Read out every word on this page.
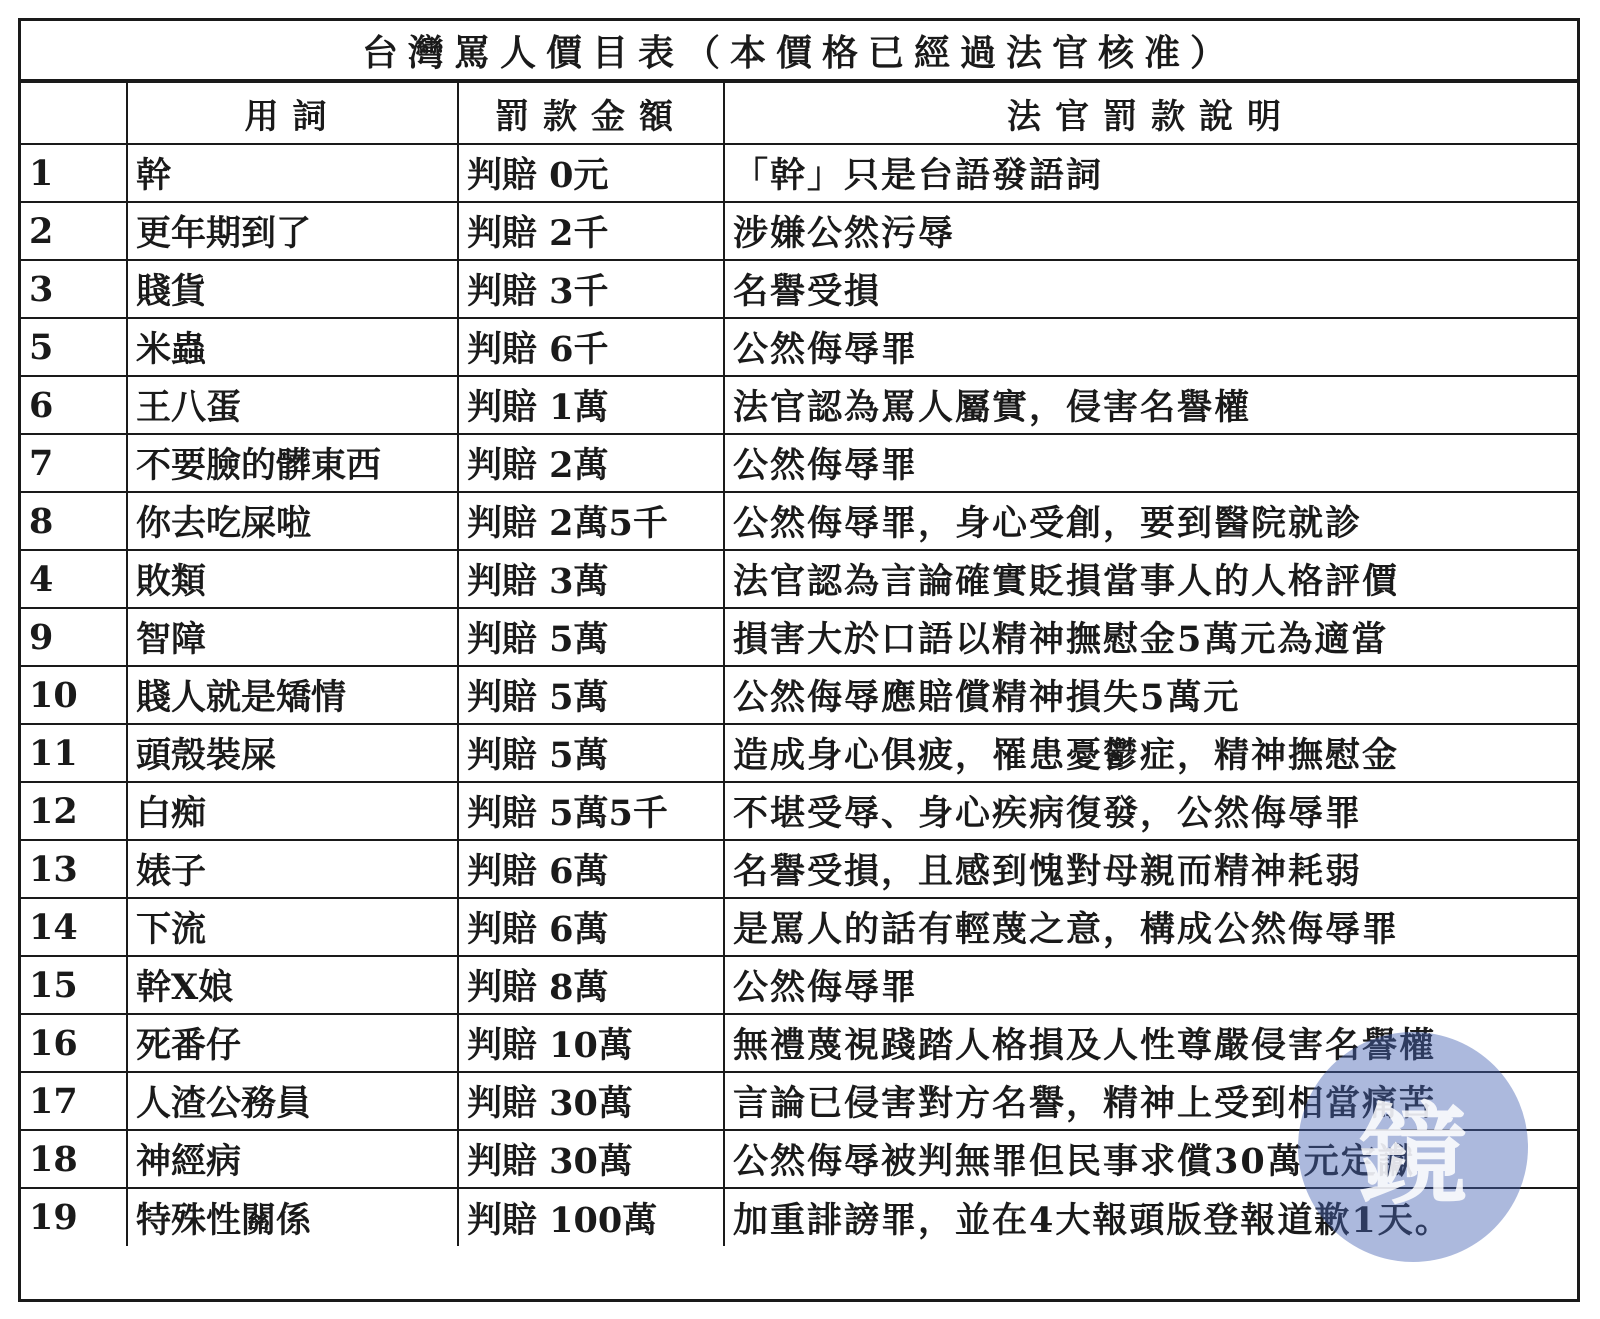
台灣罵人價目表（本價格已經過法官核准）
	用詞	罰款金額	法官罰款說明
1	幹	判賠 0元	「幹」只是台語發語詞
2	更年期到了	判賠 2千	涉嫌公然污辱
3	賤貨	判賠 3千	名譽受損
5	米蟲	判賠 6千	公然侮辱罪
6	王八蛋	判賠 1萬	法官認為罵人屬實，侵害名譽權
7	不要臉的髒東西	判賠 2萬	公然侮辱罪
8	你去吃屎啦	判賠 2萬5千	公然侮辱罪，身心受創，要到醫院就診
4	敗類	判賠 3萬	法官認為言論確實貶損當事人的人格評價
9	智障	判賠 5萬	損害大於口語以精神撫慰金5萬元為適當
10	賤人就是矯情	判賠 5萬	公然侮辱應賠償精神損失5萬元
11	頭殼裝屎	判賠 5萬	造成身心俱疲，罹患憂鬱症，精神撫慰金
12	白痴	判賠 5萬5千	不堪受辱、身心疾病復發，公然侮辱罪
13	婊子	判賠 6萬	名譽受損，且感到愧對母親而精神耗弱
14	下流	判賠 6萬	是罵人的話有輕蔑之意，構成公然侮辱罪
15	幹X娘	判賠 8萬	公然侮辱罪
16	死番仔	判賠 10萬	無禮蔑視踐踏人格損及人性尊嚴侵害名譽權
17	人渣公務員	判賠 30萬	言論已侵害對方名譽，精神上受到相當痛苦
18	神經病	判賠 30萬	公然侮辱被判無罪但民事求償30萬元定讞
19	特殊性關係	判賠 100萬	加重誹謗罪，並在4大報頭版登報道歉1天。
鏡
